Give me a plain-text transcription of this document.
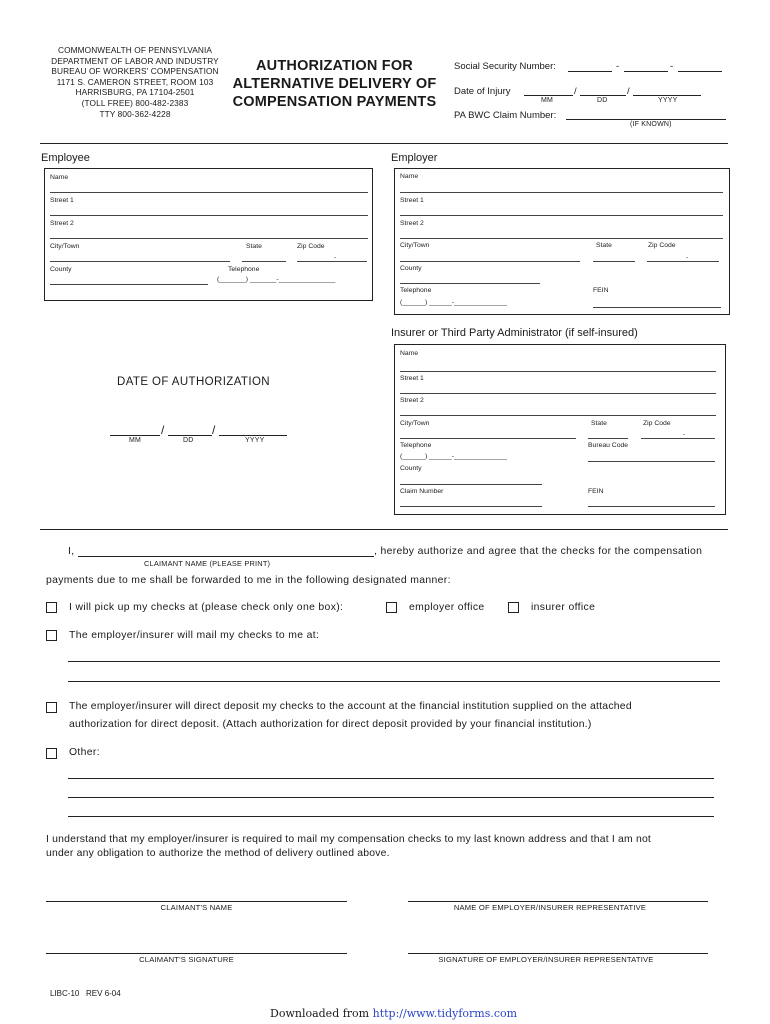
COMMONWEALTH OF PENNSYLVANIA
DEPARTMENT OF LABOR AND INDUSTRY
BUREAU OF WORKERS' COMPENSATION
1171 S. CAMERON STREET, ROOM 103
HARRISBURG, PA 17104-2501
(TOLL FREE) 800-482-2383
TTY 800-362-4228
AUTHORIZATION FOR
ALTERNATIVE DELIVERY OF
COMPENSATION PAYMENTS
Social Security Number:	-	-
Date of Injury	/	/
MM	DD	YYYY
PA BWC Claim Number:
(IF KNOWN)
Employee
Name
Street 1
Street 2
City/Town	State	Zip Code
-
County	Telephone
(_______) _______-_______________
Employer
Name
Street 1
Street 2
City/Town	State	Zip Code
-
County
Telephone	FEIN
(______) ______-______________
Insurer or Third Party Administrator (if self-insured)
Name
Street 1
Street 2
City/Town	State	Zip Code
-
Telephone	Bureau Code
(______) ______-______________
County
Claim Number	FEIN
DATE OF AUTHORIZATION
/	/
MM	DD	YYYY
I,
CLAIMANT NAME (PLEASE PRINT)
, hereby authorize and agree that the checks for the compensation
payments due to me shall be forwarded to me in the following designated manner:
I will pick up my checks at (please check only one box):	employer office	insurer office
The employer/insurer will mail my checks to me at:
The employer/insurer will direct deposit my checks to the account at the financial institution supplied on the attached
authorization for direct deposit. (Attach authorization for direct deposit provided by your financial institution.)
Other:
I understand that my employer/insurer is required to mail my compensation checks to my last known address and that I am not
under any obligation to authorize the method of delivery outlined above.
CLAIMANT'S NAME	NAME OF EMPLOYER/INSURER REPRESENTATIVE
CLAIMANT'S SIGNATURE	SIGNATURE OF EMPLOYER/INSURER REPRESENTATIVE
LIBC-10   REV 6-04
Downloaded from http://www.tidyforms.com
